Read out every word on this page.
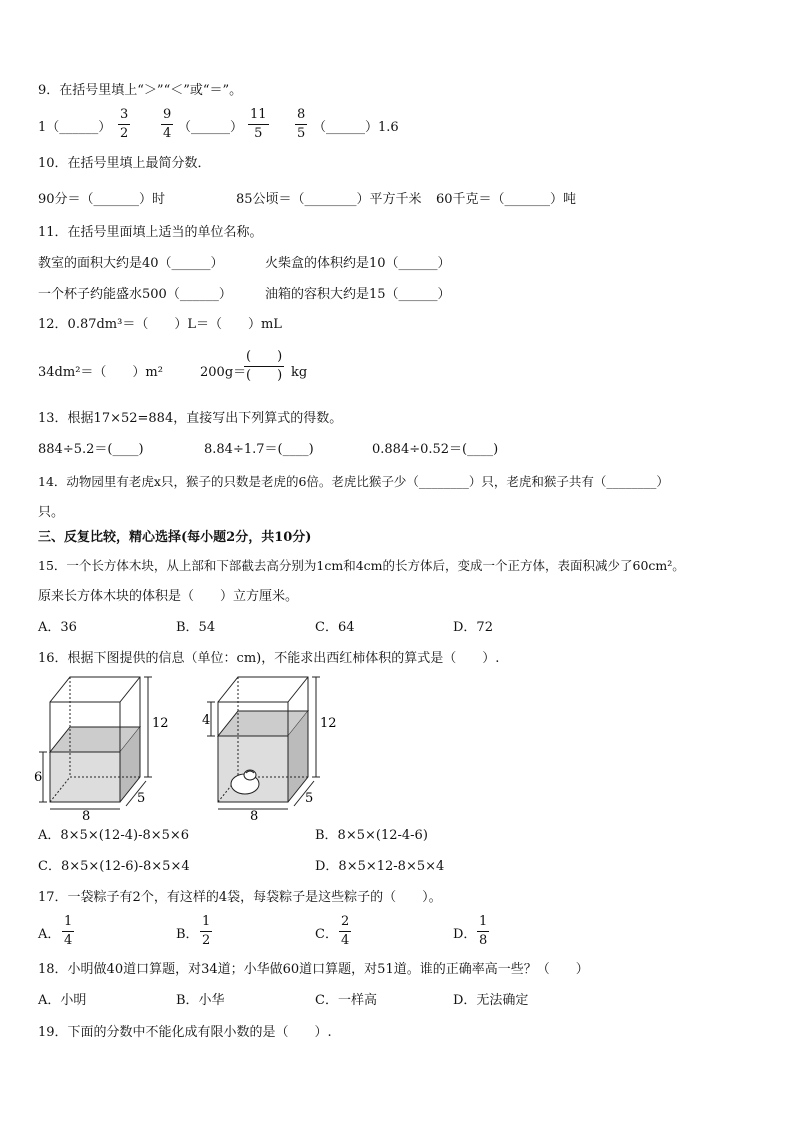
9．在括号里填上“＞”“＜”或“＝”。
1（______）
3
2
9
4 （______）
11
5
8
5 （______）1.6
10．在括号里填上最简分数．
90分＝（_______）时	85公顷＝（________）平方千米 60千克＝（_______）吨
11．在括号里面填上适当的单位名称。
教室的面积大约是40（______）	火柴盒的体积约是10（______）
一个杯子约能盛水500（______）	油箱的容积大约是15（______）
12．0.87dm³＝（　　）L＝（　　）mL
34dm²＝（　　）m²	200g＝
(　　)
(　　) kg
13．根据17×52=884，直接写出下列算式的得数。
884÷5.2＝(____)	8.84÷1.7＝(____)	0.884÷0.52＝(____)
14．动物园里有老虎x只，猴子的只数是老虎的6倍。老虎比猴子少（________）只，老虎和猴子共有（________）
只。
三、反复比较，精心选择(每小题2分，共10分)
15．一个长方体木块，从上部和下部截去高分别为1cm和4cm的长方体后，变成一个正方体，表面积减少了60cm²。
原来长方体木块的体积是（　　）立方厘米。
A．36	B．54	C．64	D．72
16．根据下图提供的信息（单位：cm)，不能求出西红柿体积的算式是（　　）.
12
6
8
5
12
4
8
5
A．8×5×(12-4)-8×5×6	B．8×5×(12-4-6)
C．8×5×(12-6)-8×5×4	D．8×5×12-8×5×4
17．一袋粽子有2个，有这样的4袋，每袋粽子是这些粽子的（　　）。
A．
1
4	B．
1
2	C．
2
4	D．
1
8
18．小明做40道口算题，对34道；小华做60道口算题，对51道。谁的正确率高一些？（　　）
A．小明	B．小华	C．一样高	D．无法确定
19．下面的分数中不能化成有限小数的是（　　）.
